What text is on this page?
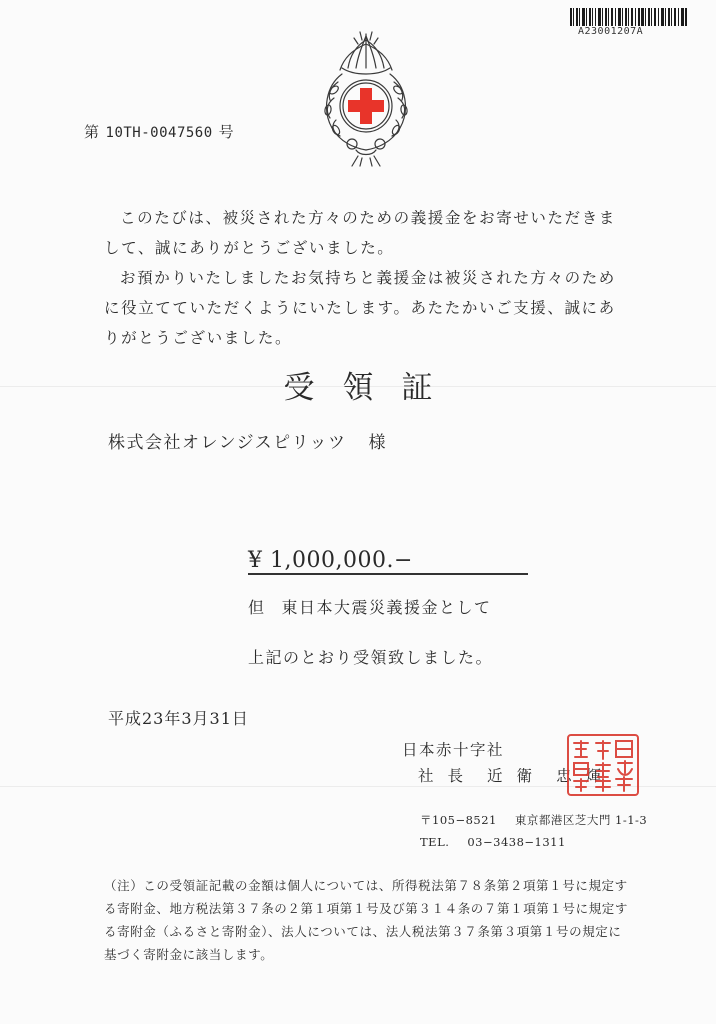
A23001207A
第 10TH-0047560 号
このたびは、被災された方々のための義援金をお寄せいただきま
して、誠にありがとうございました。
お預かりいたしましたお気持ちと義援金は被災された方々のため
に役立てていただくようにいたします。あたたかいご支援、誠にあ
りがとうございました。
受領証
株式会社オレンジスピリッツ 様
¥ 1,000,000.−
但 東日本大震災義援金として
上記のとおり受領致しました。
平成23年3月31日
日本赤十字社
社 長 近 衛 忠 煇
〒105−8521 東京都港区芝大門 1-1-3
TEL. 03−3438−1311
（注）この受領証記載の金額は個人については、所得税法第７８条第２項第１号に規定す
る寄附金、地方税法第３７条の２第１項第１号及び第３１４条の７第１項第１号に規定す
る寄附金（ふるさと寄附金）、法人については、法人税法第３７条第３項第１号の規定に
基づく寄附金に該当します。
